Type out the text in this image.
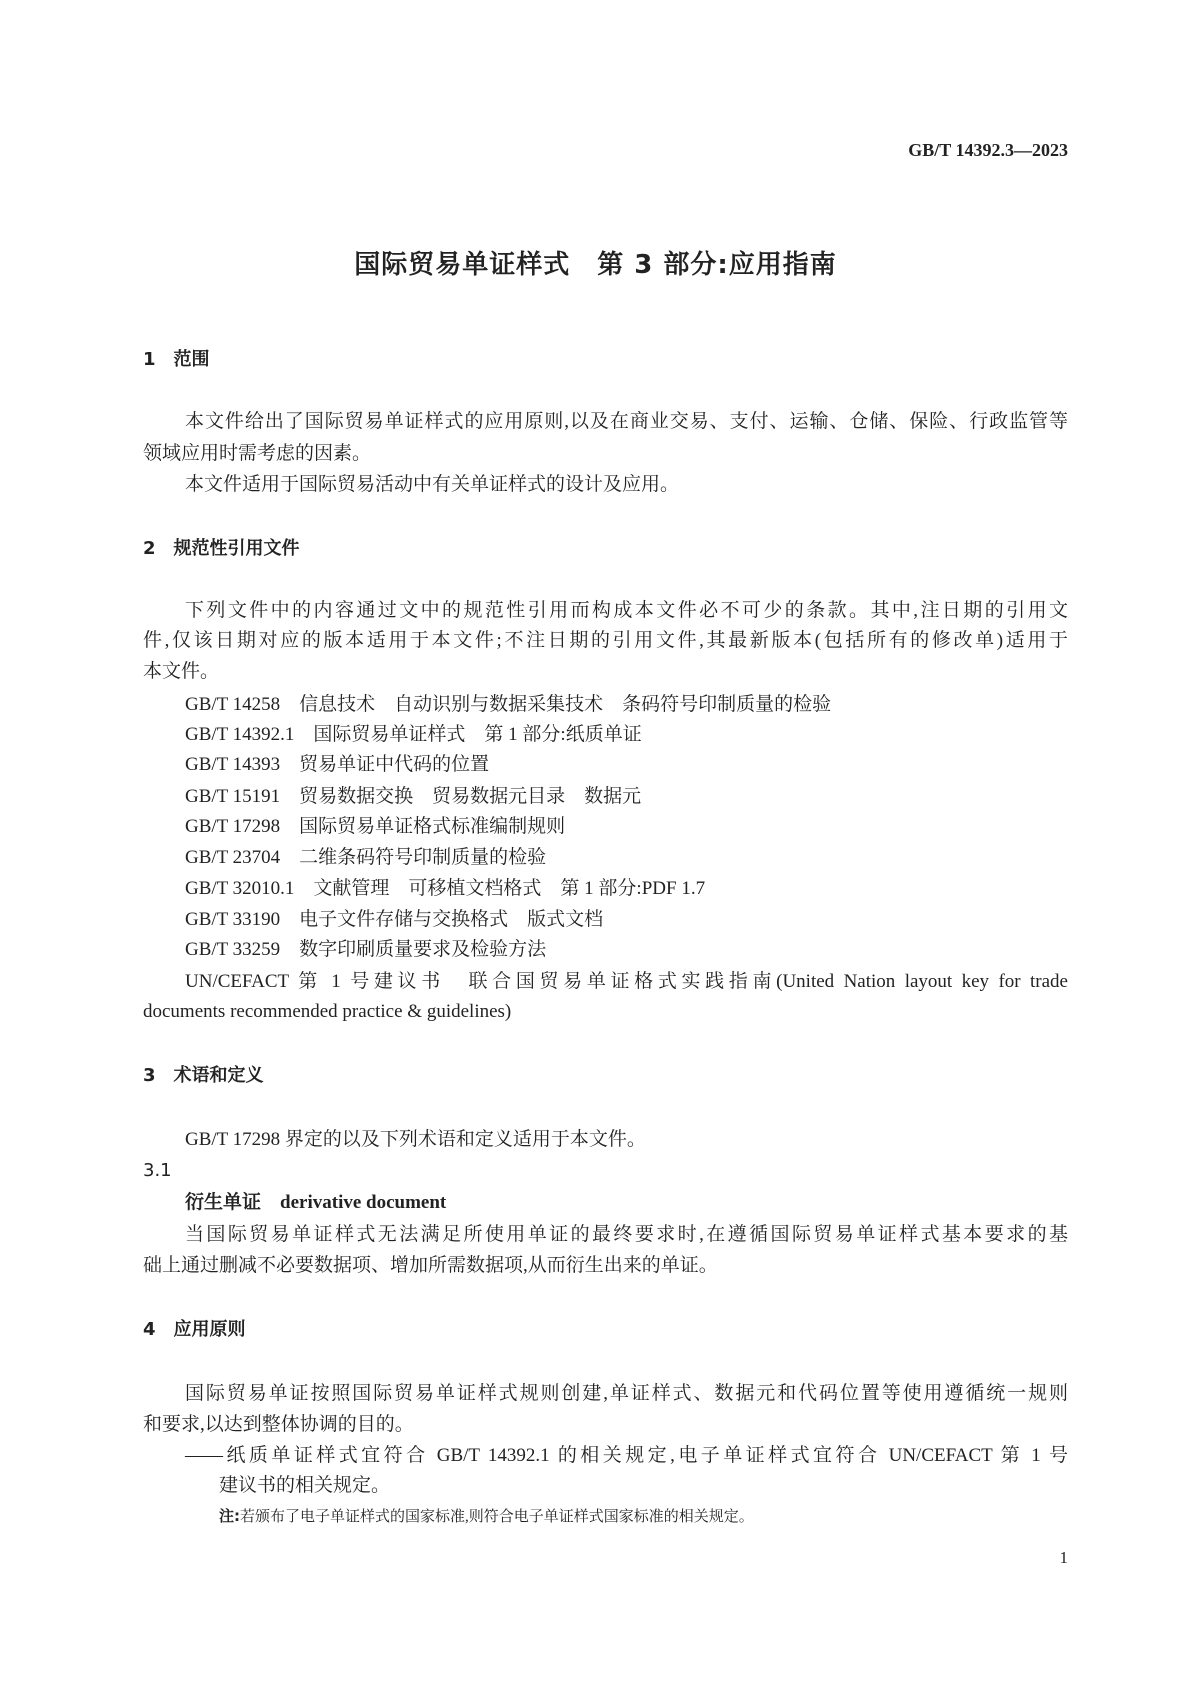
GB/T 14392.3—2023
国际贸易单证样式　第 3 部分:应用指南
1　范围
本文件给出了国际贸易单证样式的应用原则,以及在商业交易、支付、运输、仓储、保险、行政监管等
领域应用时需考虑的因素。
本文件适用于国际贸易活动中有关单证样式的设计及应用。
2　规范性引用文件
下列文件中的内容通过文中的规范性引用而构成本文件必不可少的条款。其中,注日期的引用文
件,仅该日期对应的版本适用于本文件;不注日期的引用文件,其最新版本(包括所有的修改单)适用于
本文件。
GB/T 14258　信息技术　自动识别与数据采集技术　条码符号印制质量的检验
GB/T 14392.1　国际贸易单证样式　第 1 部分:纸质单证
GB/T 14393　贸易单证中代码的位置
GB/T 15191　贸易数据交换　贸易数据元目录　数据元
GB/T 17298　国际贸易单证格式标准编制规则
GB/T 23704　二维条码符号印制质量的检验
GB/T 32010.1　文献管理　可移植文档格式　第 1 部分:PDF 1.7
GB/T 33190　电子文件存储与交换格式　版式文档
GB/T 33259　数字印刷质量要求及检验方法
UN/CEFACT 第 1 号建议书　联合国贸易单证格式实践指南(United Nation layout key for trade
documents recommended practice & guidelines)
3　术语和定义
GB/T 17298 界定的以及下列术语和定义适用于本文件。
3.1
衍生单证　 derivative document
当国际贸易单证样式无法满足所使用单证的最终要求时,在遵循国际贸易单证样式基本要求的基
础上通过删减不必要数据项、增加所需数据项,从而衍生出来的单证。
4　应用原则
国际贸易单证按照国际贸易单证样式规则创建,单证样式、数据元和代码位置等使用遵循统一规则
和要求,以达到整体协调的目的。
——纸质单证样式宜符合 GB/T 14392.1 的相关规定,电子单证样式宜符合 UN/CEFACT 第 1 号
建议书的相关规定。
注:若颁布了电子单证样式的国家标准,则符合电子单证样式国家标准的相关规定。
1
